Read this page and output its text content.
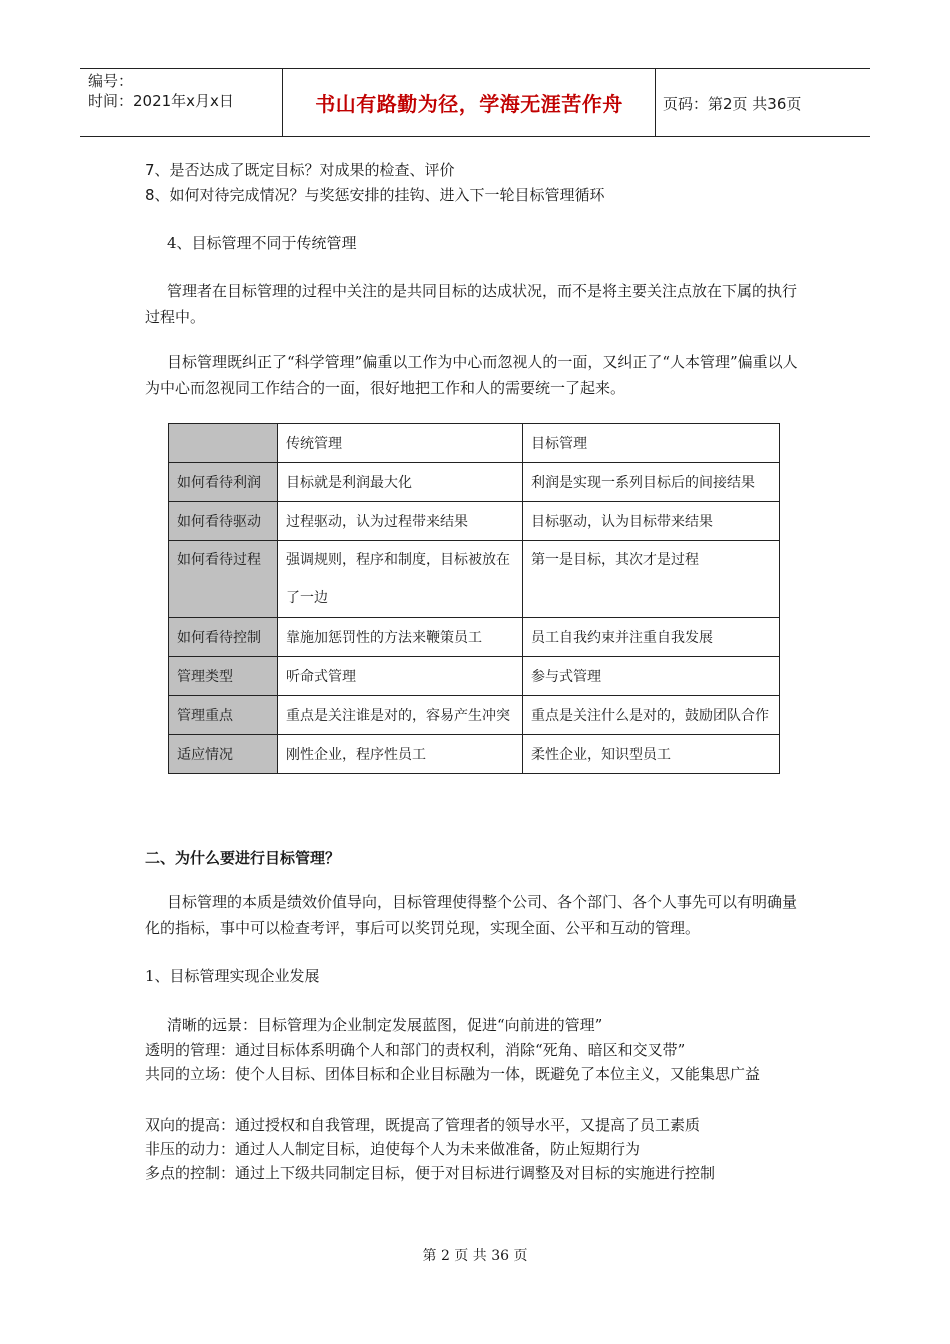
编号：
时间：2021年x月x日	书山有路勤为径，学海无涯苦作舟	页码：第2页 共36页
7、是否达成了既定目标？对成果的检查、评价
8、如何对待完成情况？与奖惩安排的挂钩、进入下一轮目标管理循环
4、目标管理不同于传统管理
管理者在目标管理的过程中关注的是共同目标的达成状况，而不是将主要关注点放在下属的执行过程中。
目标管理既纠正了“科学管理”偏重以工作为中心而忽视人的一面，又纠正了“人本管理”偏重以人为中心而忽视同工作结合的一面，很好地把工作和人的需要统一了起来。
	传统管理	目标管理
如何看待利润	目标就是利润最大化	利润是实现一系列目标后的间接结果
如何看待驱动	过程驱动，认为过程带来结果	目标驱动，认为目标带来结果

如何看待过程	强调规则，程序和制度，目标被放在了一边	第一是目标，其次才是过程

如何看待控制	靠施加惩罚性的方法来鞭策员工	员工自我约束并注重自我发展
管理类型	听命式管理	参与式管理
管理重点	重点是关注谁是对的，容易产生冲突	重点是关注什么是对的，鼓励团队合作
适应情况	刚性企业，程序性员工	柔性企业，知识型员工
二、为什么要进行目标管理？
目标管理的本质是绩效价值导向，目标管理使得整个公司、各个部门、各个人事先可以有明确量化的指标，事中可以检查考评，事后可以奖罚兑现，实现全面、公平和互动的管理。
1、目标管理实现企业发展
清晰的远景：目标管理为企业制定发展蓝图，促进“向前进的管理”
透明的管理：通过目标体系明确个人和部门的责权利，消除“死角、暗区和交叉带”
共同的立场：使个人目标、团体目标和企业目标融为一体，既避免了本位主义，又能集思广益
双向的提高：通过授权和自我管理，既提高了管理者的领导水平，又提高了员工素质
非压的动力：通过人人制定目标，迫使每个人为未来做准备，防止短期行为
多点的控制：通过上下级共同制定目标，便于对目标进行调整及对目标的实施进行控制
第 2 页 共 36 页
